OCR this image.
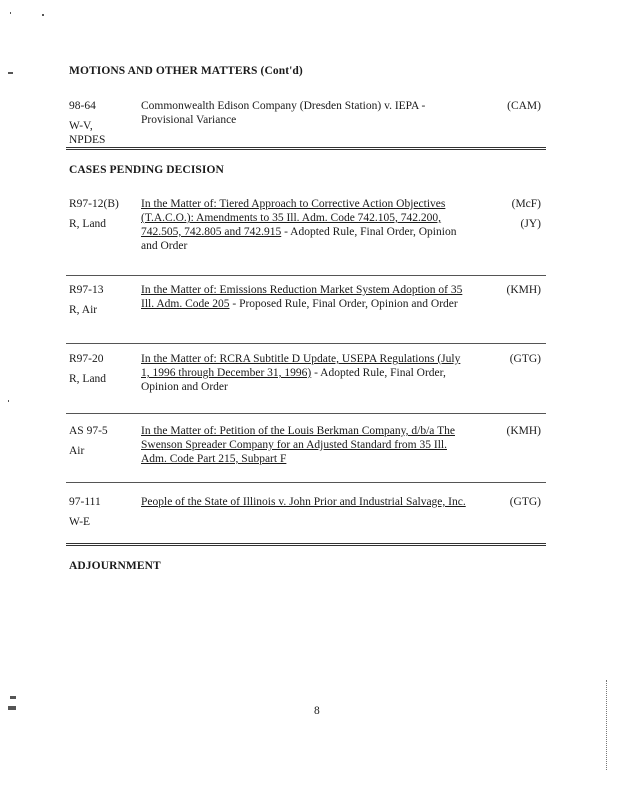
MOTIONS AND OTHER MATTERS (Cont'd)
98-64
W-V,
NPDES
Commonwealth Edison Company (Dresden Station) v. IEPA - Provisional Variance
(CAM)
CASES PENDING DECISION
R97-12(B)
R, Land
In the Matter of: Tiered Approach to Corrective Action Objectives (T.A.C.O.): Amendments to 35 Ill. Adm. Code 742.105, 742.200, 742.505, 742.805 and 742.915 - Adopted Rule, Final Order, Opinion and Order
(McF)
(JY)
R97-13
R, Air
In the Matter of: Emissions Reduction Market System Adoption of 35 Ill. Adm. Code 205 - Proposed Rule, Final Order, Opinion and Order
(KMH)
R97-20
R, Land
In the Matter of: RCRA Subtitle D Update, USEPA Regulations (July 1, 1996 through December 31, 1996) - Adopted Rule, Final Order, Opinion and Order
(GTG)
AS 97-5
Air
In the Matter of: Petition of the Louis Berkman Company, d/b/a The Swenson Spreader Company for an Adjusted Standard from 35 Ill. Adm. Code Part 215, Subpart F
(KMH)
97-111
W-E
People of the State of Illinois v. John Prior and Industrial Salvage, Inc.	(GTG)
ADJOURNMENT
8
